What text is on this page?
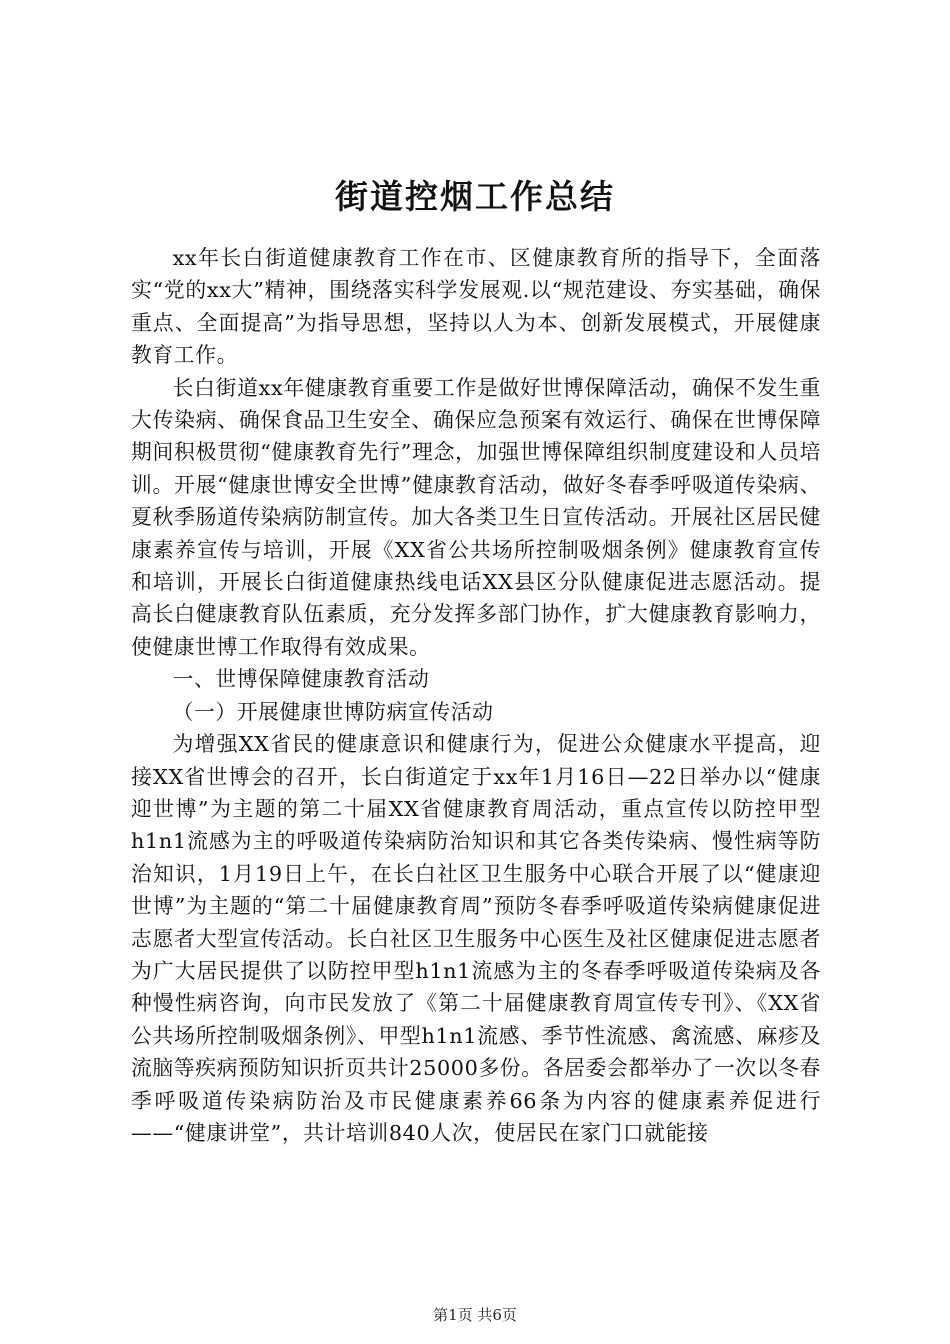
街道控烟工作总结

xx年长白街道健康教育工作在市、区健康教育所的指导下，全面落实“党的xx大”精神，围绕落实科学发展观.以“规范建设、夯实基础，确保重点、全面提高”为指导思想，坚持以人为本、创新发展模式，开展健康教育工作。

长白街道xx年健康教育重要工作是做好世博保障活动，确保不发生重大传染病、确保食品卫生安全、确保应急预案有效运行、确保在世博保障期间积极贯彻“健康教育先行”理念，加强世博保障组织制度建设和人员培训。开展“健康世博安全世博”健康教育活动，做好冬春季呼吸道传染病、夏秋季肠道传染病防制宣传。加大各类卫生日宣传活动。开展社区居民健康素养宣传与培训，开展《XX省公共场所控制吸烟条例》健康教育宣传和培训，开展长白街道健康热线电话XX县区分队健康促进志愿活动。提高长白健康教育队伍素质，充分发挥多部门协作，扩大健康教育影响力，使健康世博工作取得有效成果。

一、世博保障健康教育活动

（一）开展健康世博防病宣传活动

为增强XX省民的健康意识和健康行为，促进公众健康水平提高，迎接XX省世博会的召开，长白街道定于xx年1月16日—22日举办以“健康迎世博”为主题的第二十届XX省健康教育周活动，重点宣传以防控甲型h1n1流感为主的呼吸道传染病防治知识和其它各类传染病、慢性病等防治知识，1月19日上午，在长白社区卫生服务中心联合开展了以“健康迎世博”为主题的“第二十届健康教育周”预防冬春季呼吸道传染病健康促进志愿者大型宣传活动。长白社区卫生服务中心医生及社区健康促进志愿者为广大居民提供了以防控甲型h1n1流感为主的冬春季呼吸道传染病及各种慢性病咨询，向市民发放了《第二十届健康教育周宣传专刊》、《XX省公共场所控制吸烟条例》、甲型h1n1流感、季节性流感、禽流感、麻疹及流脑等疾病预防知识折页共计25000多份。各居委会都举办了一次以冬春季呼吸道传染病防治及市民健康素养66条为内容的健康素养促进行——“健康讲堂”，共计培训840人次，使居民在家门口就能接

第1页 共6页
